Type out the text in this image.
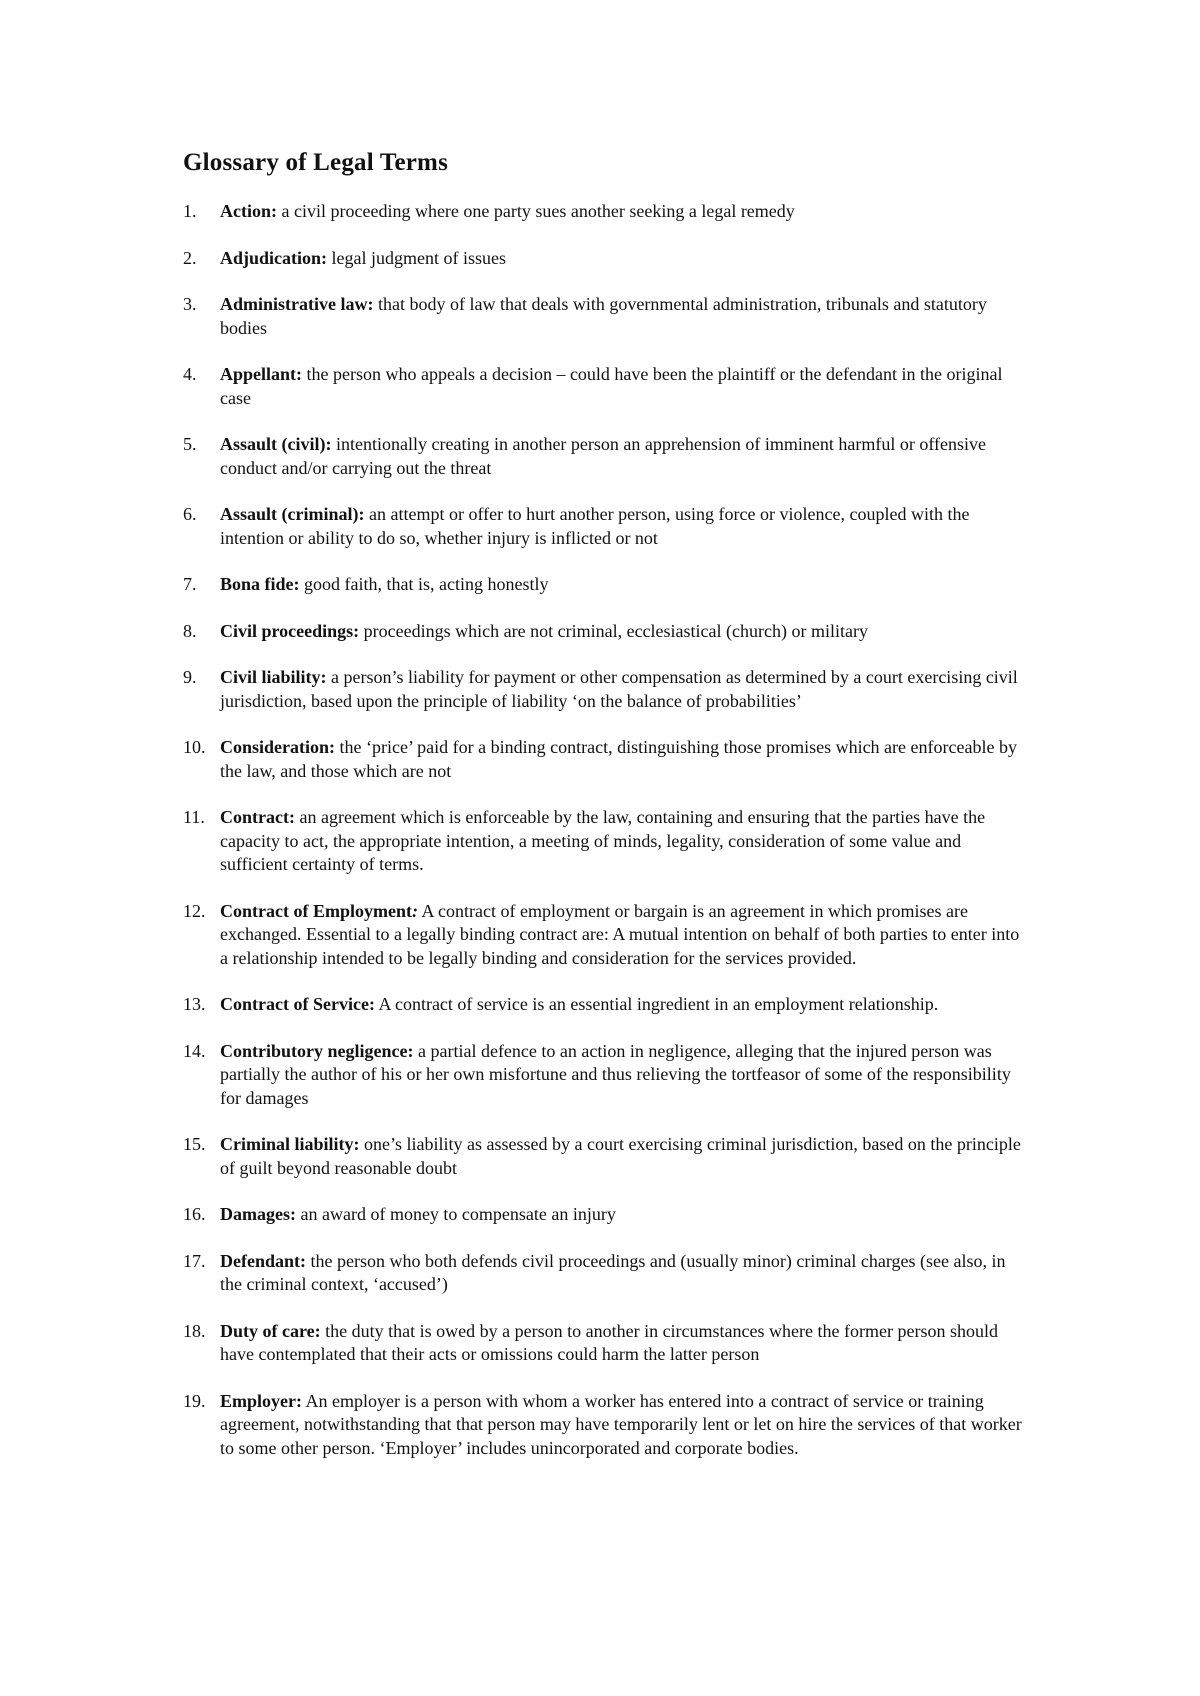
Glossary of Legal Terms
1. Action: a civil proceeding where one party sues another seeking a legal remedy
2. Adjudication: legal judgment of issues
3. Administrative law: that body of law that deals with governmental administration, tribunals and statutory bodies
4. Appellant: the person who appeals a decision – could have been the plaintiff or the defendant in the original case
5. Assault (civil): intentionally creating in another person an apprehension of imminent harmful or offensive conduct and/or carrying out the threat
6. Assault (criminal): an attempt or offer to hurt another person, using force or violence, coupled with the intention or ability to do so, whether injury is inflicted or not
7. Bona fide: good faith, that is, acting honestly
8. Civil proceedings: proceedings which are not criminal, ecclesiastical (church) or military
9. Civil liability: a person’s liability for payment or other compensation as determined by a court exercising civil jurisdiction, based upon the principle of liability ‘on the balance of probabilities’
10. Consideration: the ‘price’ paid for a binding contract, distinguishing those promises which are enforceable by the law, and those which are not
11. Contract: an agreement which is enforceable by the law, containing and ensuring that the parties have the capacity to act, the appropriate intention, a meeting of minds, legality, consideration of some value and sufficient certainty of terms.
12. Contract of Employment: A contract of employment or bargain is an agreement in which promises are exchanged. Essential to a legally binding contract are: A mutual intention on behalf of both parties to enter into a relationship intended to be legally binding and consideration for the services provided.
13. Contract of Service: A contract of service is an essential ingredient in an employment relationship.
14. Contributory negligence: a partial defence to an action in negligence, alleging that the injured person was partially the author of his or her own misfortune and thus relieving the tortfeasor of some of the responsibility for damages
15. Criminal liability: one’s liability as assessed by a court exercising criminal jurisdiction, based on the principle of guilt beyond reasonable doubt
16. Damages: an award of money to compensate an injury
17. Defendant: the person who both defends civil proceedings and (usually minor) criminal charges (see also, in the criminal context, ‘accused’)
18. Duty of care: the duty that is owed by a person to another in circumstances where the former person should have contemplated that their acts or omissions could harm the latter person
19. Employer: An employer is a person with whom a worker has entered into a contract of service or training agreement, notwithstanding that that person may have temporarily lent or let on hire the services of that worker to some other person. ‘Employer’ includes unincorporated and corporate bodies.
